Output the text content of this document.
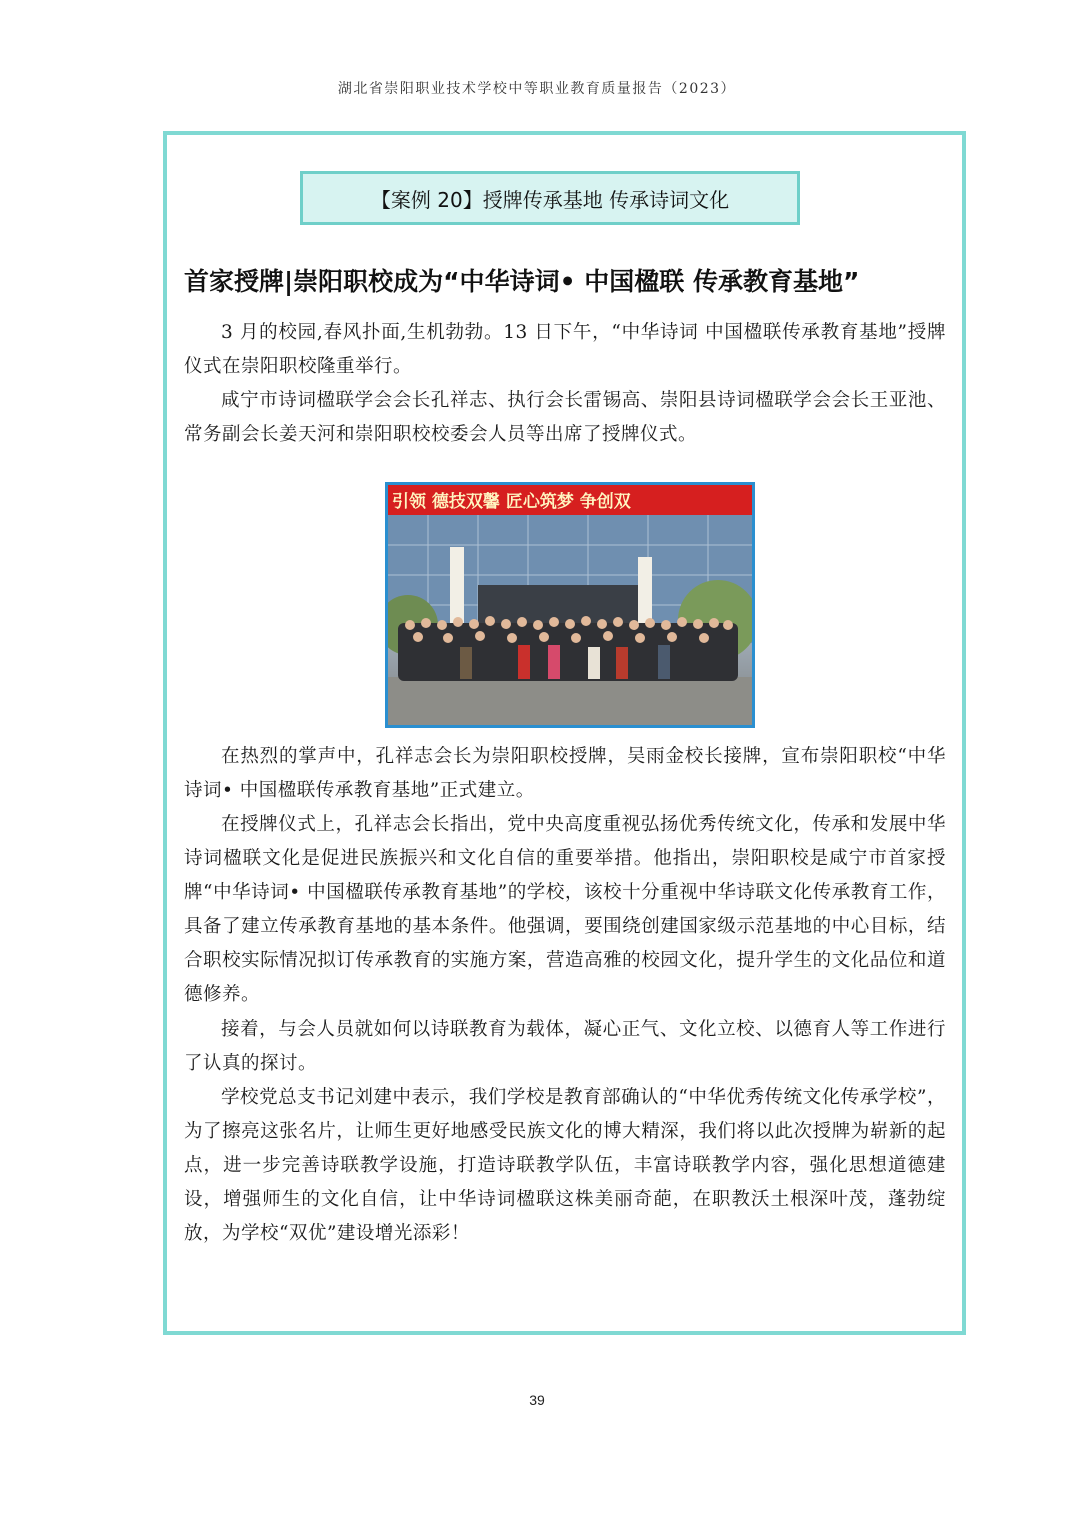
湖北省崇阳职业技术学校中等职业教育质量报告（2023）
【案例 20】授牌传承基地 传承诗词文化
首家授牌|崇阳职校成为“中华诗词• 中国楹联 传承教育基地”

3 月的校园,春风扑面,生机勃勃。13 日下午，“中华诗词 中国楹联传承教育基地”授牌仪式在崇阳职校隆重举行。

咸宁市诗词楹联学会会长孔祥志、执行会长雷锡高、崇阳县诗词楹联学会会长王亚池、常务副会长姜天河和崇阳职校校委会人员等出席了授牌仪式。

引领 德技双馨 匠心筑梦 争创双

在热烈的掌声中，孔祥志会长为崇阳职校授牌，吴雨金校长接牌，宣布崇阳职校“中华诗词• 中国楹联传承教育基地”正式建立。

在授牌仪式上，孔祥志会长指出，党中央高度重视弘扬优秀传统文化，传承和发展中华诗词楹联文化是促进民族振兴和文化自信的重要举措。他指出，崇阳职校是咸宁市首家授牌“中华诗词• 中国楹联传承教育基地”的学校，该校十分重视中华诗联文化传承教育工作，具备了建立传承教育基地的基本条件。他强调，要围绕创建国家级示范基地的中心目标，结合职校实际情况拟订传承教育的实施方案，营造高雅的校园文化，提升学生的文化品位和道德修养。

接着，与会人员就如何以诗联教育为载体，凝心正气、文化立校、以德育人等工作进行了认真的探讨。

学校党总支书记刘建中表示，我们学校是教育部确认的“中华优秀传统文化传承学校”，为了擦亮这张名片，让师生更好地感受民族文化的博大精深，我们将以此次授牌为崭新的起点，进一步完善诗联教学设施，打造诗联教学队伍，丰富诗联教学内容，强化思想道德建设，增强师生的文化自信，让中华诗词楹联这株美丽奇葩，在职教沃土根深叶茂，蓬勃绽放，为学校“双优”建设增光添彩！

39
